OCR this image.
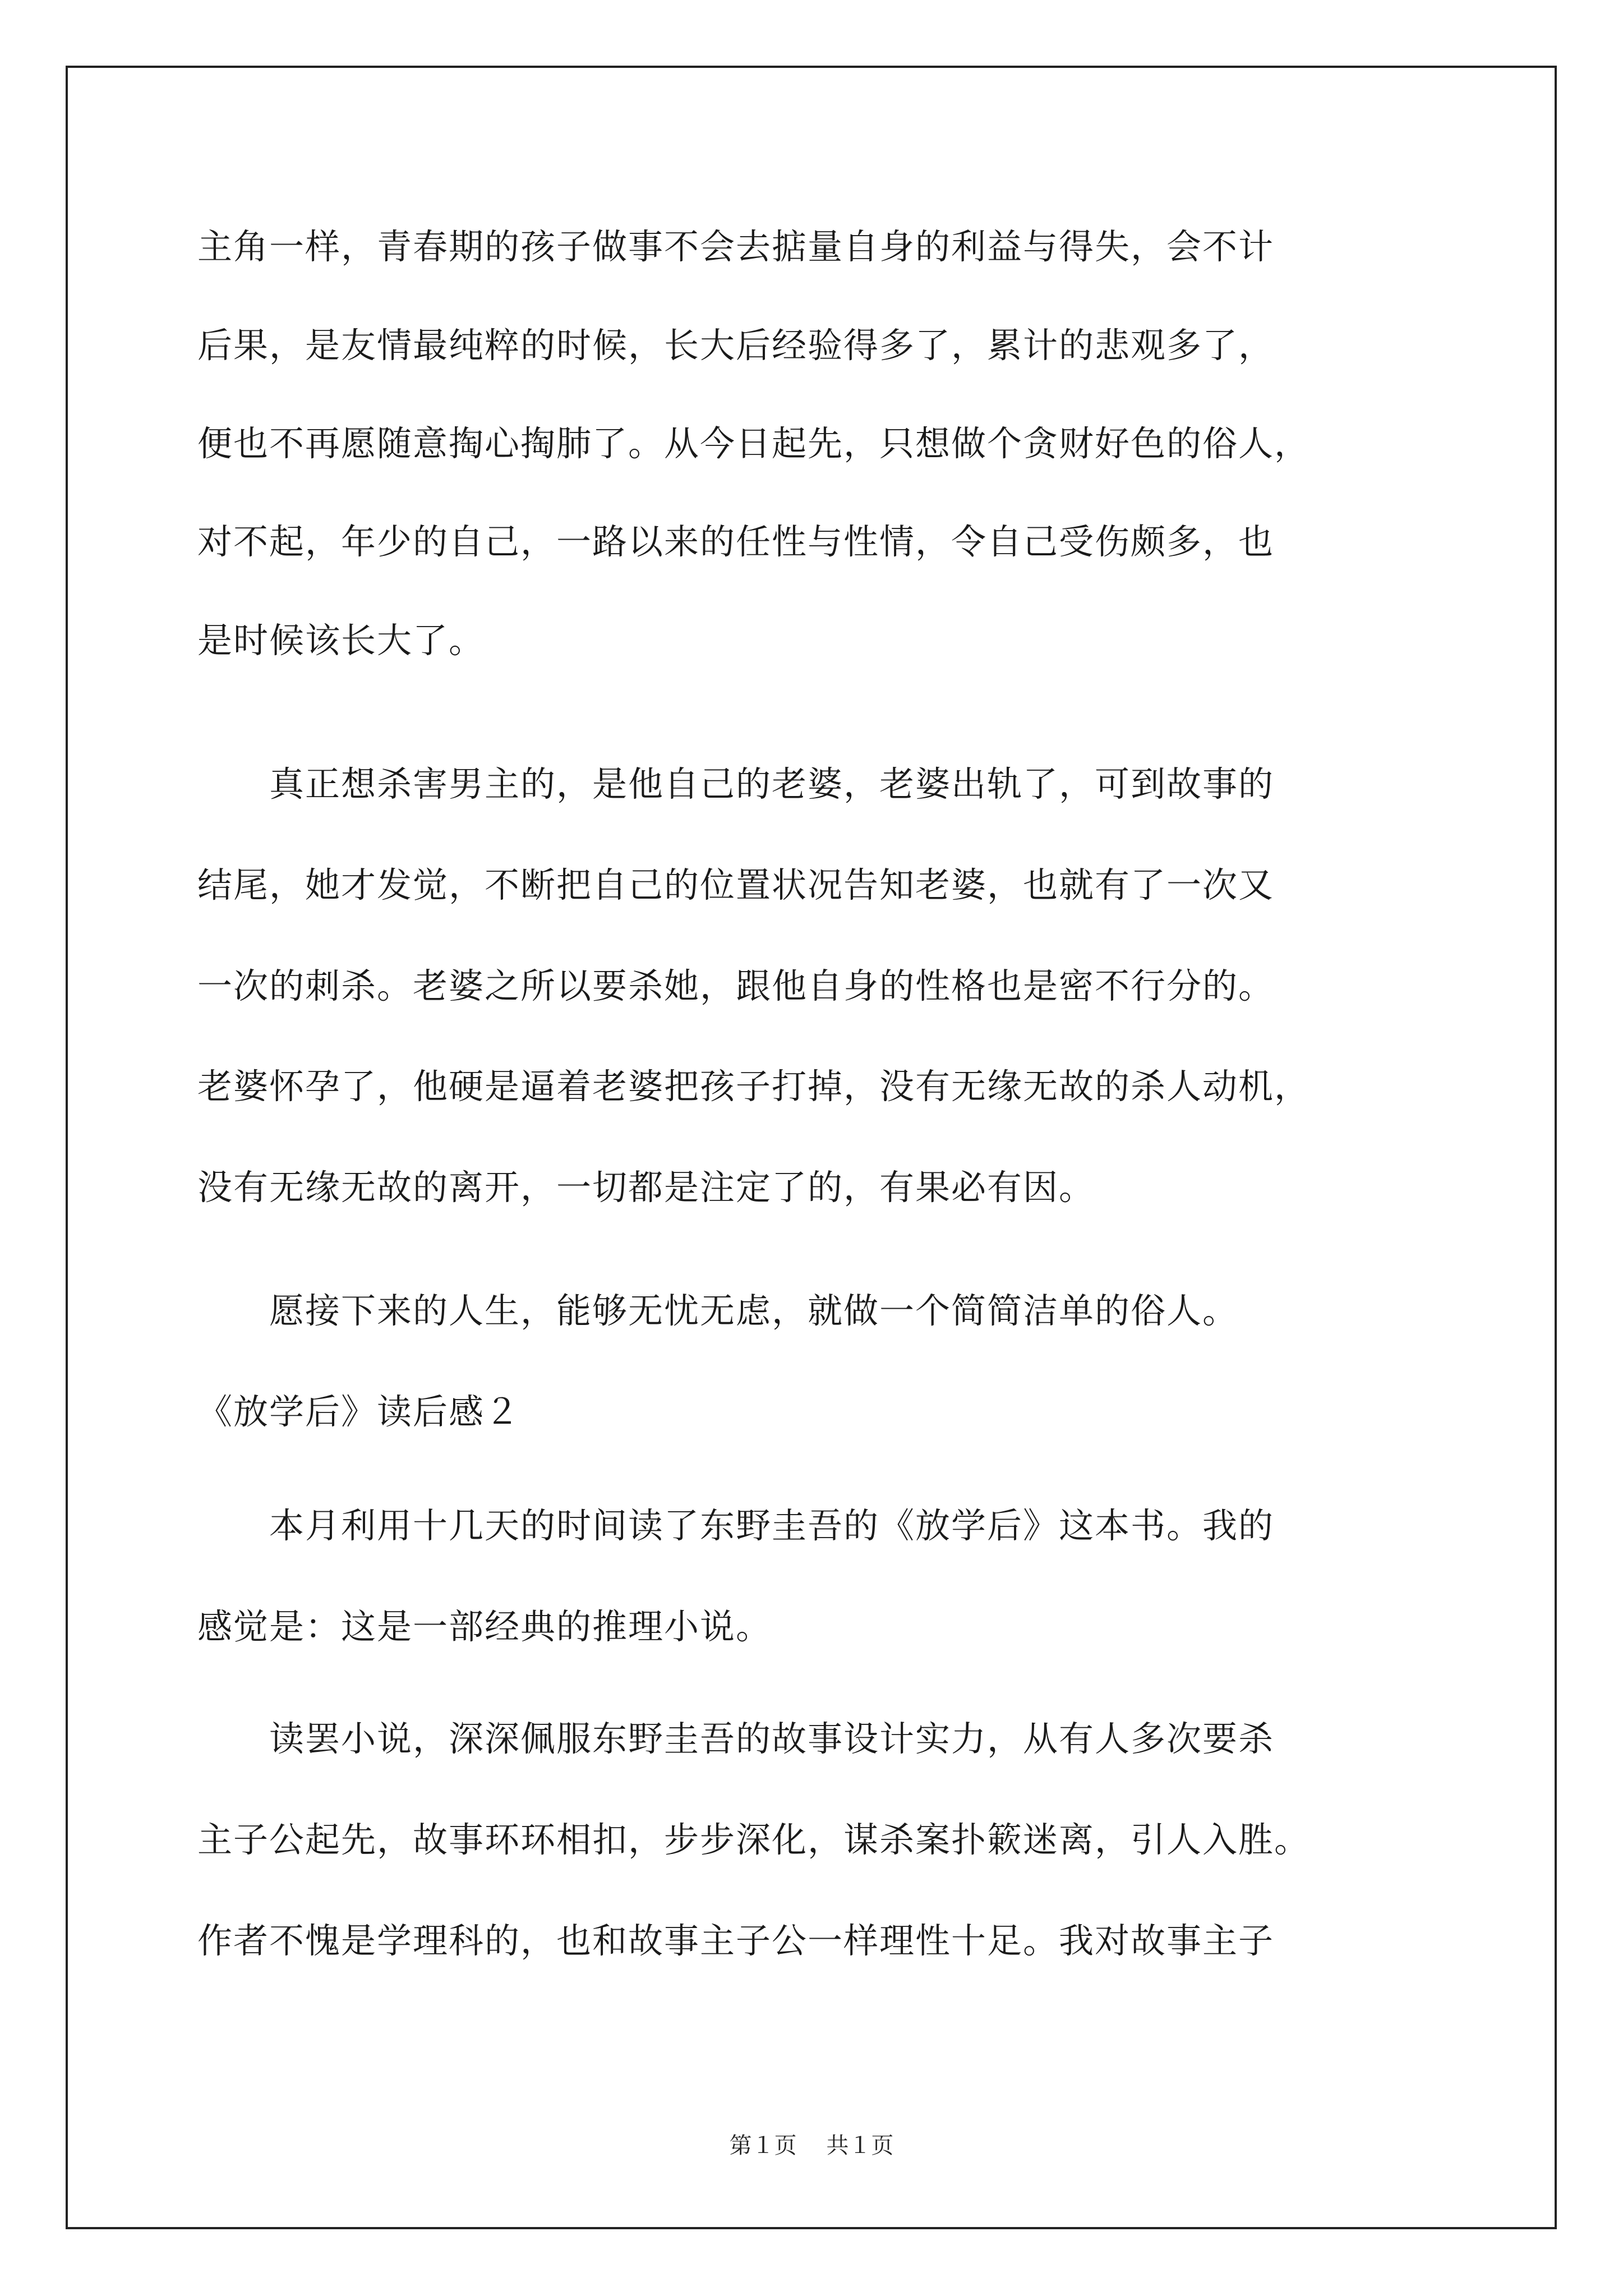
主角一样，青春期的孩子做事不会去掂量自身的利益与得失，会不计
后果，是友情最纯粹的时候，长大后经验得多了，累计的悲观多了，
便也不再愿随意掏心掏肺了。从今日起先，只想做个贪财好色的俗人，
对不起，年少的自己，一路以来的任性与性情，令自己受伤颇多，也
是时候该长大了。
　　真正想杀害男主的，是他自己的老婆，老婆出轨了，可到故事的
结尾，她才发觉，不断把自己的位置状况告知老婆，也就有了一次又
一次的刺杀。老婆之所以要杀她，跟他自身的性格也是密不行分的。
老婆怀孕了，他硬是逼着老婆把孩子打掉，没有无缘无故的杀人动机，
没有无缘无故的离开，一切都是注定了的，有果必有因。
　　愿接下来的人生，能够无忧无虑，就做一个简简洁单的俗人。
《放学后》读后感２
　　本月利用十几天的时间读了东野圭吾的《放学后》这本书。我的
感觉是：这是一部经典的推理小说。
　　读罢小说，深深佩服东野圭吾的故事设计实力，从有人多次要杀
主子公起先，故事环环相扣，步步深化，谋杀案扑簌迷离，引人入胜。
作者不愧是学理科的，也和故事主子公一样理性十足。我对故事主子
第１页 共１页
